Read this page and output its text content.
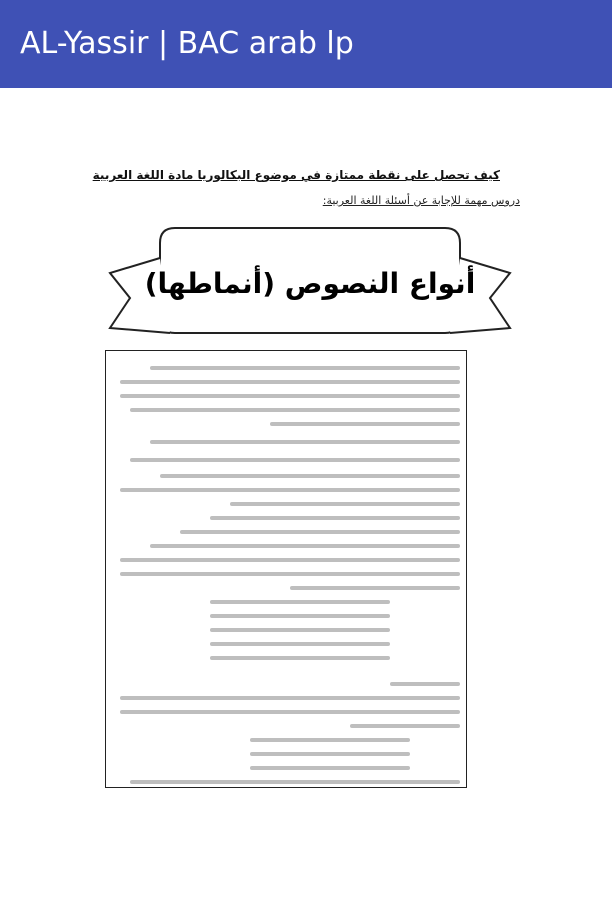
AL-Yassir | BAC arab lp
كيف تحصل على نقطة ممتازة في موضوع البكالوريا مادة اللغة العربية
دروس مهمة للإجابة عن أسئلة اللغة العربية:
أنواع النصوص (أنماطها)
